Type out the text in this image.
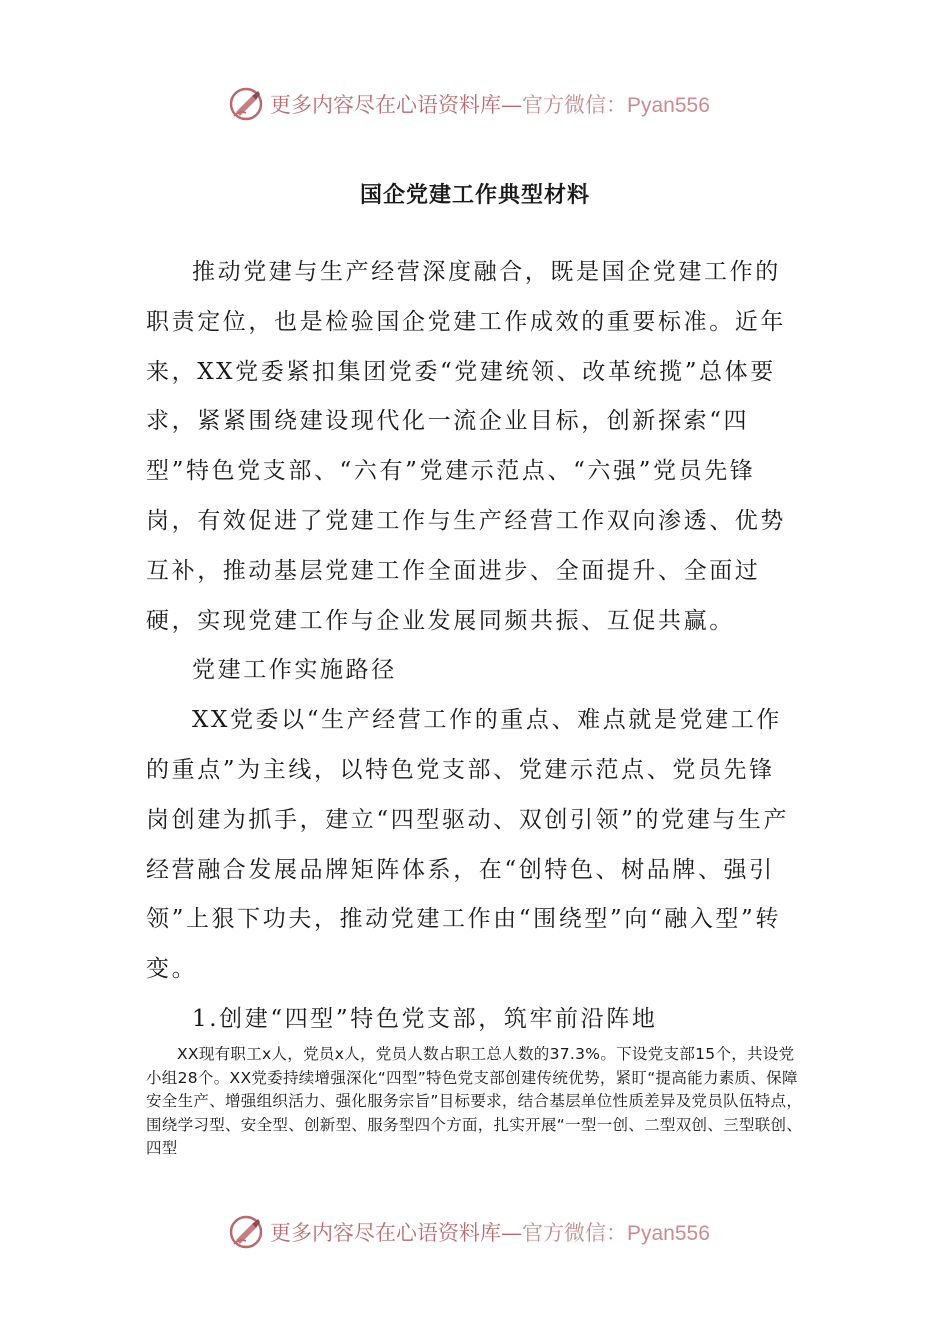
更多内容尽在心语资料库—官方微信：Pyan556
国企党建工作典型材料

推动党建与生产经营深度融合，既是国企党建工作的职责定位，也是检验国企党建工作成效的重要标准。近年来，XX党委紧扣集团党委“党建统领、改革统揽”总体要求，紧紧围绕建设现代化一流企业目标，创新探索“四型”特色党支部、“六有”党建示范点、“六强”党员先锋岗，有效促进了党建工作与生产经营工作双向渗透、优势互补，推动基层党建工作全面进步、全面提升、全面过硬，实现党建工作与企业发展同频共振、互促共赢。

党建工作实施路径

XX党委以“生产经营工作的重点、难点就是党建工作的重点”为主线，以特色党支部、党建示范点、党员先锋岗创建为抓手，建立“四型驱动、双创引领”的党建与生产经营融合发展品牌矩阵体系，在“创特色、树品牌、强引领”上狠下功夫，推动党建工作由“围绕型”向“融入型”转变。

1.创建“四型”特色党支部，筑牢前沿阵地

XX现有职工x人，党员x人，党员人数占职工总人数的37.3%。下设党支部15个，共设党小组28个。XX党委持续增强深化“四型”特色党支部创建传统优势，紧盯“提高能力素质、保障安全生产、增强组织活力、强化服务宗旨”目标要求，结合基层单位性质差异及党员队伍特点，围绕学习型、安全型、创新型、服务型四个方面，扎实开展“一型一创、二型双创、三型联创、四型

更多内容尽在心语资料库—官方微信：Pyan556
